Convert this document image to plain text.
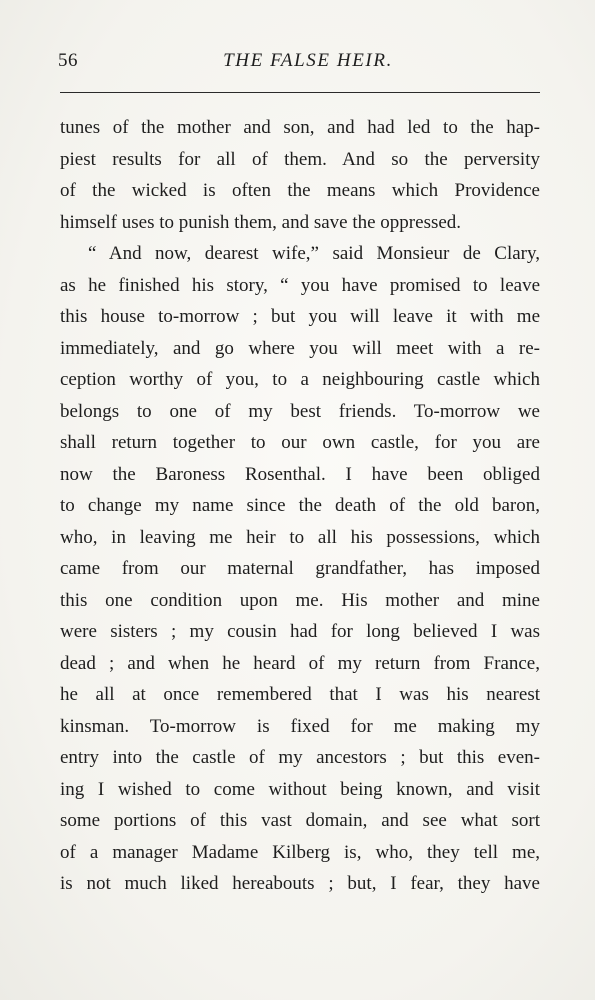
56	THE FALSE HEIR.
tunes of the mother and son, and had led to the hap-
piest results for all of them. And so the perversity
of the wicked is often the means which Providence
himself uses to punish them, and save the oppressed.
“ And now, dearest wife,” said Monsieur de Clary,
as he finished his story, “ you have promised to leave
this house to-morrow ; but you will leave it with me
immediately, and go where you will meet with a re-
ception worthy of you, to a neighbouring castle which
belongs to one of my best friends. To-morrow we
shall return together to our own castle, for you are
now the Baroness Rosenthal. I have been obliged
to change my name since the death of the old baron,
who, in leaving me heir to all his possessions, which
came from our maternal grandfather, has imposed
this one condition upon me. His mother and mine
were sisters ; my cousin had for long believed I was
dead ; and when he heard of my return from France,
he all at once remembered that I was his nearest
kinsman. To-morrow is fixed for me making my
entry into the castle of my ancestors ; but this even-
ing I wished to come without being known, and visit
some portions of this vast domain, and see what sort
of a manager Madame Kilberg is, who, they tell me,
is not much liked hereabouts ; but, I fear, they have
